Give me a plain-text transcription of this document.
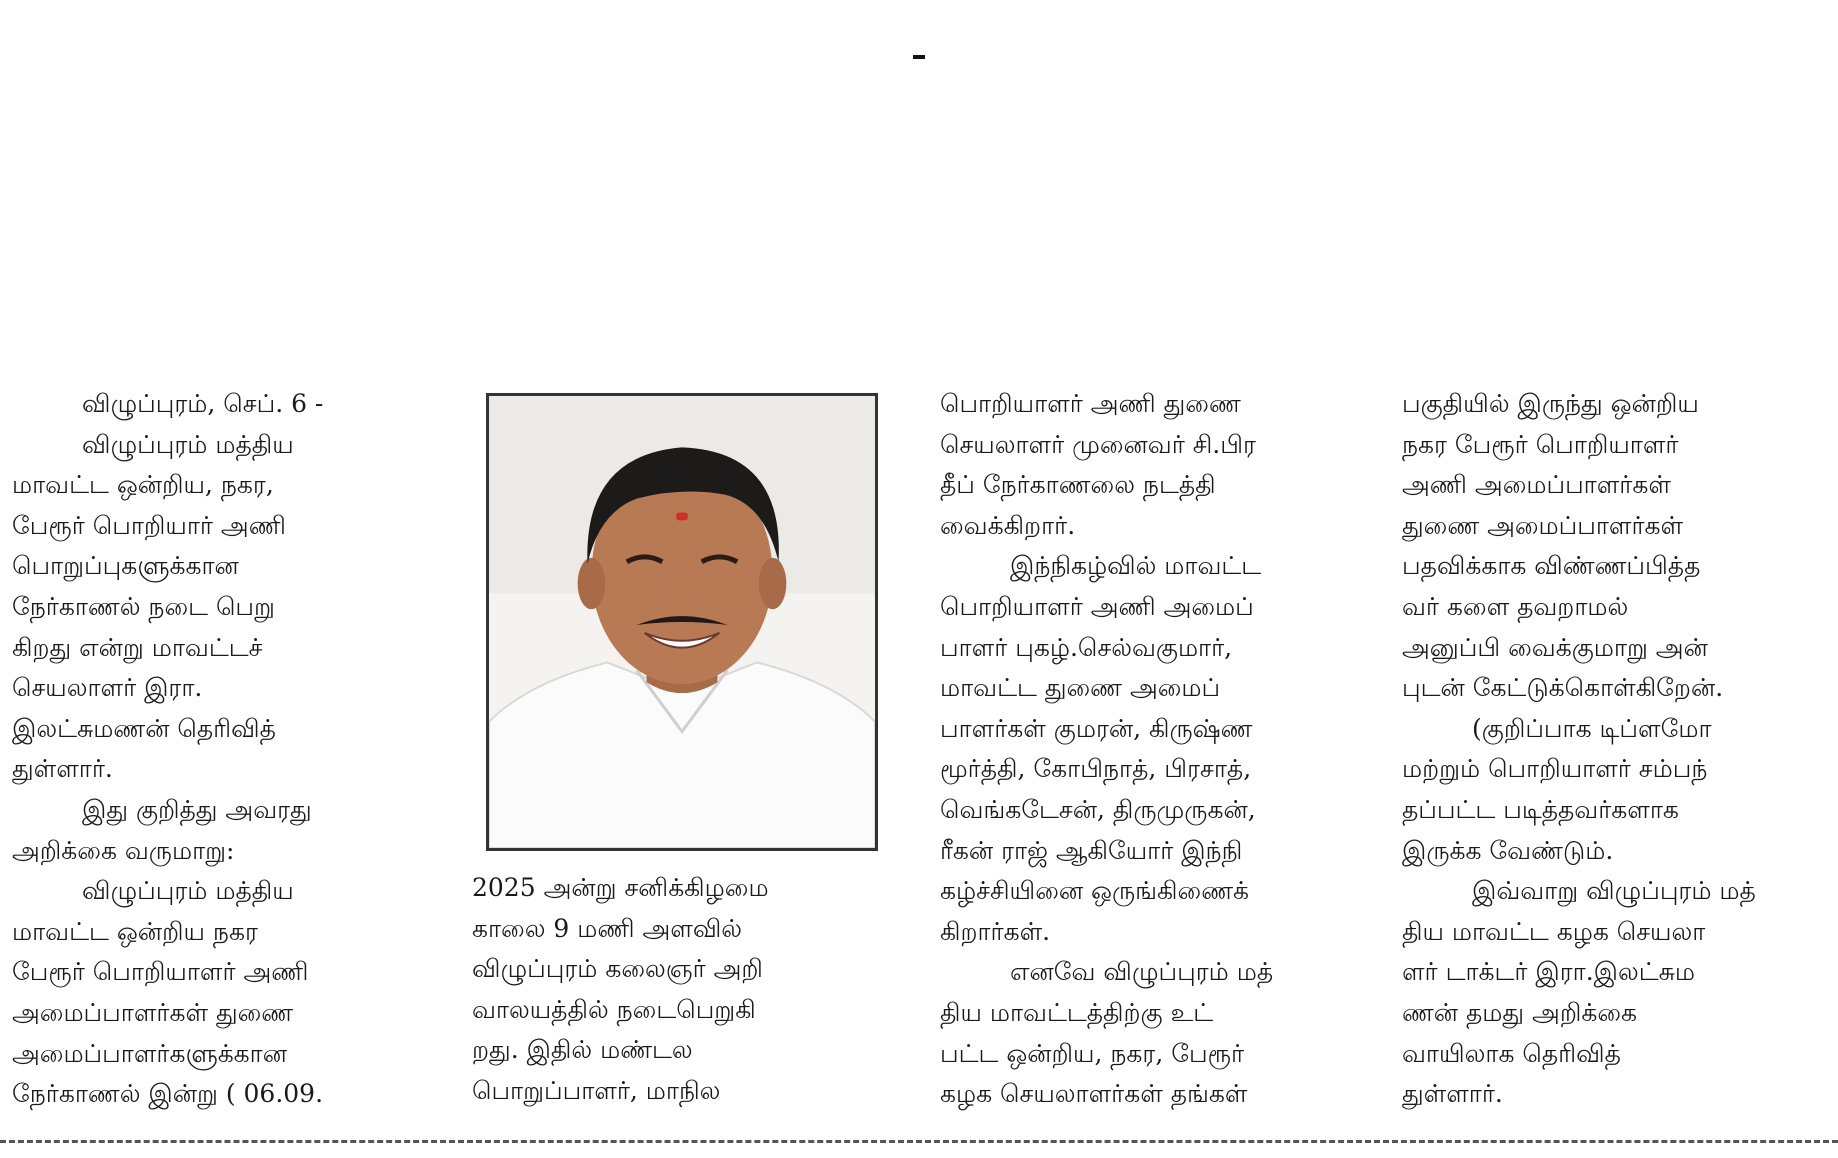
விழுப்புரம், செப். 6 -
விழுப்புரம் மத்திய
மாவட்ட ஒன்றிய, நகர,
பேரூர் பொறியார் அணி
பொறுப்புகளுக்கான
நேர்காணல் நடை பெறு
கிறது என்று மாவட்டச்
செயலாளர் இரா.
இலட்சுமணன் தெரிவித்
துள்ளார்.
இது குறித்து அவரது
அறிக்கை வருமாறு:
விழுப்புரம் மத்திய
மாவட்ட ஒன்றிய நகர
பேரூர் பொறியாளர் அணி
அமைப்பாளர்கள் துணை
அமைப்பாளர்களுக்கான
நேர்காணல் இன்று ( 06.09.
2025 அன்று சனிக்கிழமை
காலை 9 மணி அளவில்
விழுப்புரம் கலைஞர் அறி
வாலயத்தில் நடைபெறுகி
றது. இதில் மண்டல
பொறுப்பாளர், மாநில
பொறியாளர் அணி துணை
செயலாளர் முனைவர் சி.பிர
தீப் நேர்காணலை நடத்தி
வைக்கிறார்.
இந்நிகழ்வில் மாவட்ட
பொறியாளர் அணி அமைப்
பாளர் புகழ்.செல்வகுமார்,
மாவட்ட துணை அமைப்
பாளர்கள் குமரன், கிருஷ்ண
மூர்த்தி, கோபிநாத், பிரசாத்,
வெங்கடேசன், திருமுருகன்,
ரீகன் ராஜ் ஆகியோர் இந்நி
கழ்ச்சியினை ஒருங்கிணைக்
கிறார்கள்.
எனவே விழுப்புரம் மத்
திய மாவட்டத்திற்கு உட்
பட்ட ஒன்றிய, நகர, பேரூர்
கழக செயலாளர்கள் தங்கள்
பகுதியில் இருந்து ஒன்றிய
நகர பேரூர் பொறியாளர்
அணி அமைப்பாளர்கள்
துணை அமைப்பாளர்கள்
பதவிக்காக விண்ணப்பித்த
வர் களை தவறாமல்
அனுப்பி வைக்குமாறு அன்
புடன் கேட்டுக்கொள்கிறேன்.
(குறிப்பாக டிப்ளமோ
மற்றும் பொறியாளர் சம்பந்
தப்பட்ட படித்தவர்களாக
இருக்க வேண்டும்.
இவ்வாறு விழுப்புரம் மத்
திய மாவட்ட கழக செயலா
ளர் டாக்டர் இரா.இலட்சும
ணன் தமது அறிக்கை
வாயிலாக தெரிவித்
துள்ளார்.
